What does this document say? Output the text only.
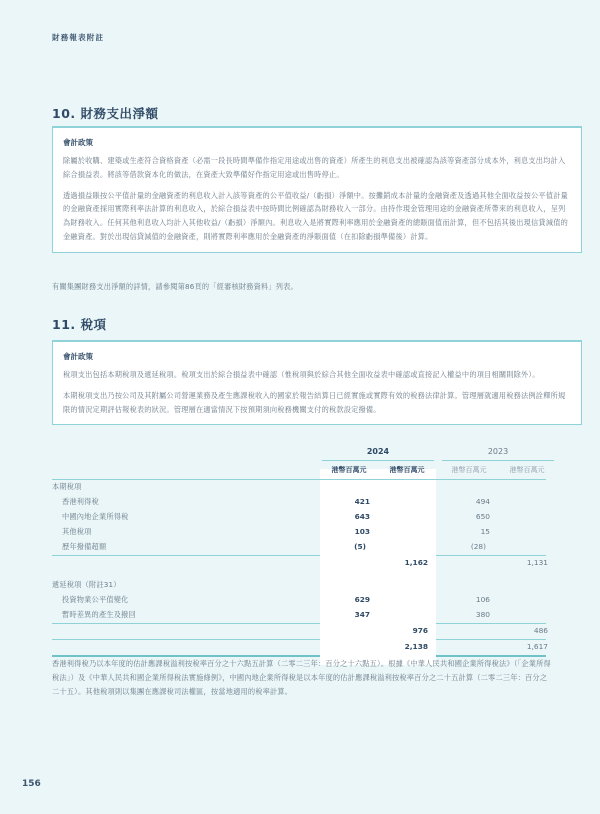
財務報表附註
10. 財務支出淨額
會計政策

除屬於收購、建築或生產符合資格資產（必需一段長時間準備作指定用途或出售的資產）所產生的利息支出被確認為該等資產部分成本外，利息支出均計入綜合損益表。將該等借款資本化的做法，在資產大致準備好作指定用途或出售時停止。

透過損益賬按公平值計量的金融資產的利息收入計入該等資產的公平值收益/（虧損）淨額中。按攤銷成本計量的金融資產及透過其他全面收益按公平值計量的金融資產採用實際利率法計算的利息收入，於綜合損益表中按時間比例確認為財務收入一部分。由持作現金管理用途的金融資產所帶來的利息收入，呈列為財務收入。任何其他利息收入均計入其他收益/（虧損）淨額內。利息收入是將實際利率應用於金融資產的總賬面值而計算，但不包括其後出現信貸減值的金融資產。對於出現信貸減值的金融資產，則將實際利率應用於金融資產的淨賬面值（在扣除虧損準備後）計算。

有關集團財務支出淨額的詳情，請參閱第86頁的「經審核財務資料」列表。
11. 稅項
會計政策

稅項支出包括本期稅項及遞延稅項。稅項支出於綜合損益表中確認（惟稅項與於綜合其他全面收益表中確認或直接記入權益中的項目相關則除外）。

本期稅項支出乃按公司及其附屬公司營運業務及產生應課稅收入的國家於報告結算日已經實施或實際有效的稅務法律計算。管理層就適用稅務法例詮釋所規限的情況定期評估報稅表的狀況。管理層在適當情況下按預期須向稅務機關支付的稅款設定撥備。

2024	2023
港幣百萬元	港幣百萬元	港幣百萬元	港幣百萬元
本期稅項
香港利得稅	421	494
中國內地企業所得稅	643	650
其他稅項	103	15
歷年撥備超額	(5)	(28)
1,162	1,131
遞延稅項（附註31）
投資物業公平值變化	629	106
暫時差異的產生及撥回	347	380
976	486
2,138	1,617
香港利得稅乃以本年度的估計應課稅溢利按稅率百分之十六點五計算（二零二三年：百分之十六點五）。根據《中華人民共和國企業所得稅法》（「企業所得稅法」）及《中華人民共和國企業所得稅法實施條例》，中國內地企業所得稅是以本年度的估計應課稅溢利按稅率百分之二十五計算（二零二三年：百分之二十五）。其他稅項則以集團在應課稅司法權區，按當地適用的稅率計算。
156
